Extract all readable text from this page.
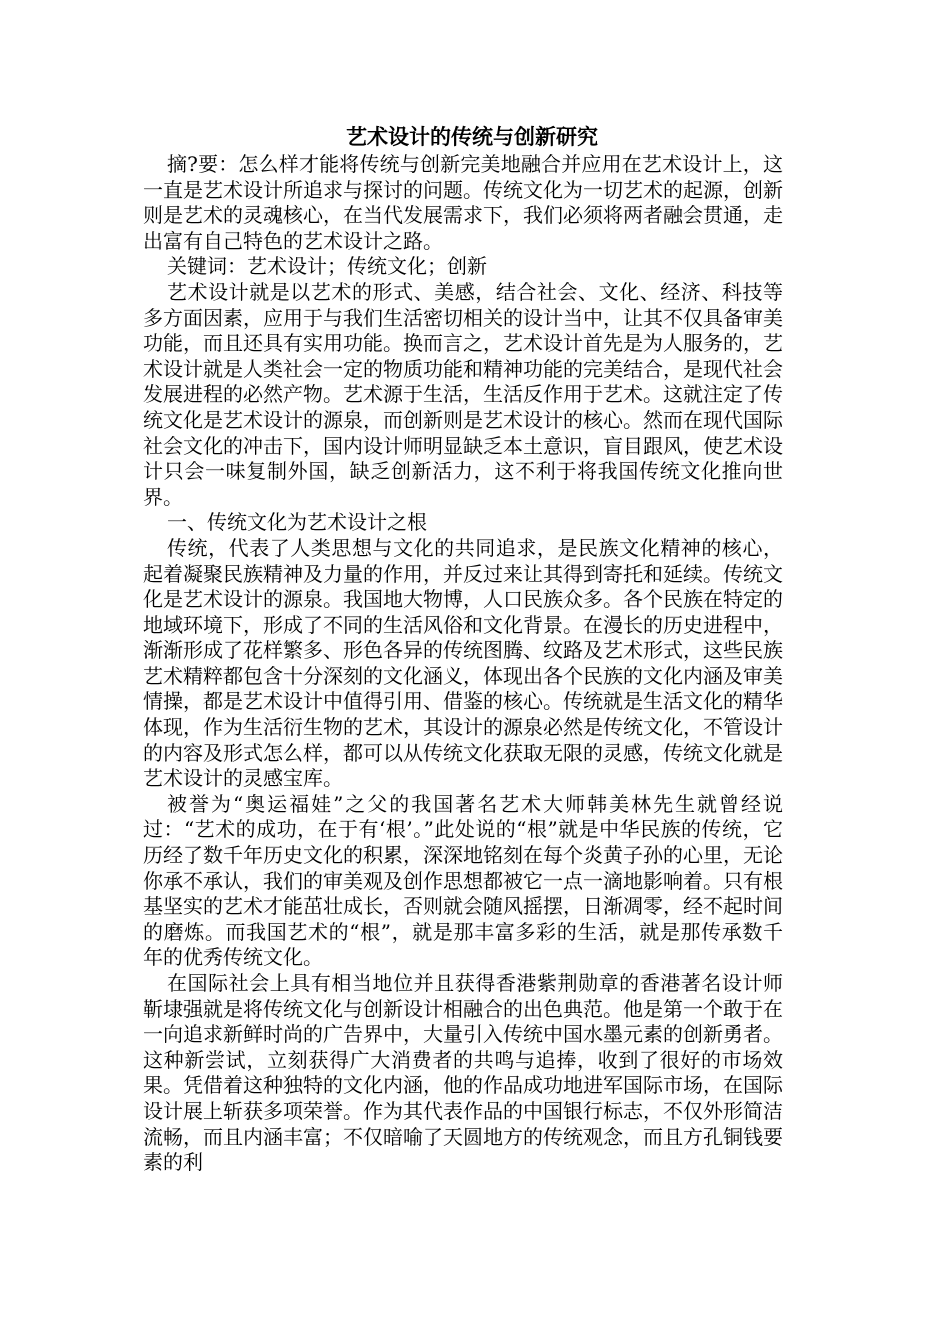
艺术设计的传统与创新研究

摘?要：怎么样才能将传统与创新完美地融合并应用在艺术设计上，这一直是艺术设计所追求与探讨的问题。传统文化为一切艺术的起源，创新则是艺术的灵魂核心，在当代发展需求下，我们必须将两者融会贯通，走出富有自己特色的艺术设计之路。

关键词：艺术设计；传统文化；创新

艺术设计就是以艺术的形式、美感，结合社会、文化、经济、科技等多方面因素，应用于与我们生活密切相关的设计当中，让其不仅具备审美功能，而且还具有实用功能。换而言之，艺术设计首先是为人服务的，艺术设计就是人类社会一定的物质功能和精神功能的完美结合，是现代社会发展进程的必然产物。艺术源于生活，生活反作用于艺术。这就注定了传统文化是艺术设计的源泉，而创新则是艺术设计的核心。然而在现代国际社会文化的冲击下，国内设计师明显缺乏本土意识，盲目跟风，使艺术设计只会一味复制外国，缺乏创新活力，这不利于将我国传统文化推向世界。

一、传统文化为艺术设计之根

传统，代表了人类思想与文化的共同追求，是民族文化精神的核心，起着凝聚民族精神及力量的作用，并反过来让其得到寄托和延续。传统文化是艺术设计的源泉。我国地大物博，人口民族众多。各个民族在特定的地域环境下，形成了不同的生活风俗和文化背景。在漫长的历史进程中，渐渐形成了花样繁多、形色各异的传统图腾、纹路及艺术形式，这些民族艺术精粹都包含十分深刻的文化涵义，体现出各个民族的文化内涵及审美情操，都是艺术设计中值得引用、借鉴的核心。传统就是生活文化的精华体现，作为生活衍生物的艺术，其设计的源泉必然是传统文化，不管设计的内容及形式怎么样，都可以从传统文化获取无限的灵感，传统文化就是艺术设计的灵感宝库。

被誉为“奥运福娃”之父的我国著名艺术大师韩美林先生就曾经说过：“艺术的成功，在于有‘根’。”此处说的“根”就是中华民族的传统，它历经了数千年历史文化的积累，深深地铭刻在每个炎黄子孙的心里，无论你承不承认，我们的审美观及创作思想都被它一点一滴地影响着。只有根基坚实的艺术才能茁壮成长，否则就会随风摇摆，日渐凋零，经不起时间的磨炼。而我国艺术的“根”，就是那丰富多彩的生活，就是那传承数千年的优秀传统文化。

在国际社会上具有相当地位并且获得香港紫荆勋章的香港著名设计师靳埭强就是将传统文化与创新设计相融合的出色典范。他是第一个敢于在一向追求新鲜时尚的广告界中，大量引入传统中国水墨元素的创新勇者。这种新尝试，立刻获得广大消费者的共鸣与追捧，收到了很好的市场效果。凭借着这种独特的文化内涵，他的作品成功地进军国际市场，在国际设计展上斩获多项荣誉。作为其代表作品的中国银行标志，不仅外形简洁流畅，而且内涵丰富；不仅暗喻了天圆地方的传统观念，而且方孔铜钱要素的利
